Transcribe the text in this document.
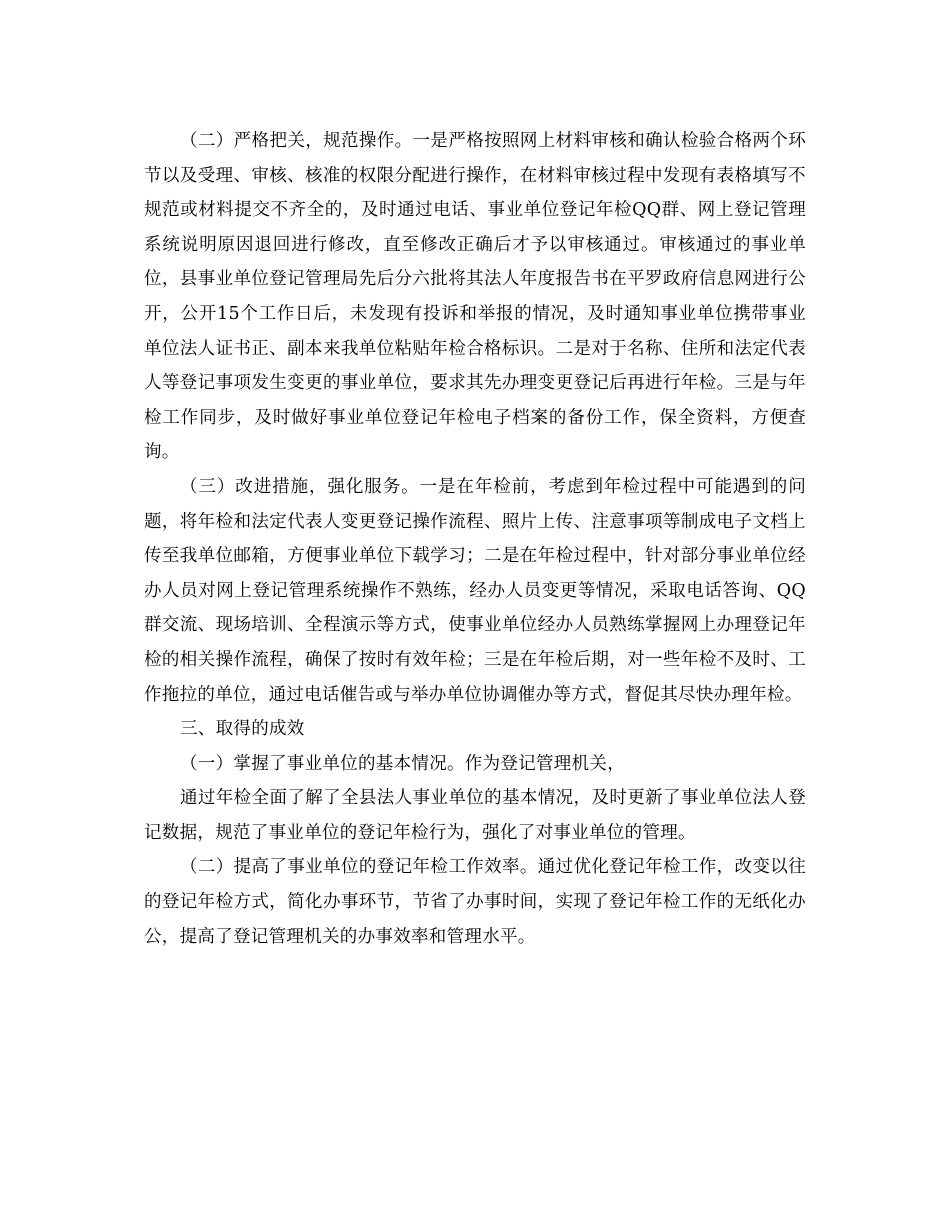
（二）严格把关，规范操作。一是严格按照网上材料审核和确认检验合格两个环节以及受理、审核、核准的权限分配进行操作，在材料审核过程中发现有表格填写不规范或材料提交不齐全的，及时通过电话、事业单位登记年检QQ群、网上登记管理系统说明原因退回进行修改，直至修改正确后才予以审核通过。审核通过的事业单位，县事业单位登记管理局先后分六批将其法人年度报告书在平罗政府信息网进行公开，公开15个工作日后，未发现有投诉和举报的情况，及时通知事业单位携带事业单位法人证书正、副本来我单位粘贴年检合格标识。二是对于名称、住所和法定代表人等登记事项发生变更的事业单位，要求其先办理变更登记后再进行年检。三是与年检工作同步，及时做好事业单位登记年检电子档案的备份工作，保全资料，方便查询。

（三）改进措施，强化服务。一是在年检前，考虑到年检过程中可能遇到的问题，将年检和法定代表人变更登记操作流程、照片上传、注意事项等制成电子文档上传至我单位邮箱，方便事业单位下载学习；二是在年检过程中，针对部分事业单位经办人员对网上登记管理系统操作不熟练，经办人员变更等情况，采取电话答询、QQ群交流、现场培训、全程演示等方式，使事业单位经办人员熟练掌握网上办理登记年检的相关操作流程，确保了按时有效年检；三是在年检后期，对一些年检不及时、工作拖拉的单位，通过电话催告或与举办单位协调催办等方式，督促其尽快办理年检。

三、取得的成效

（一）掌握了事业单位的基本情况。作为登记管理机关，

通过年检全面了解了全县法人事业单位的基本情况，及时更新了事业单位法人登记数据，规范了事业单位的登记年检行为，强化了对事业单位的管理。

（二）提高了事业单位的登记年检工作效率。通过优化登记年检工作，改变以往的登记年检方式，简化办事环节，节省了办事时间，实现了登记年检工作的无纸化办公，提高了登记管理机关的办事效率和管理水平。
